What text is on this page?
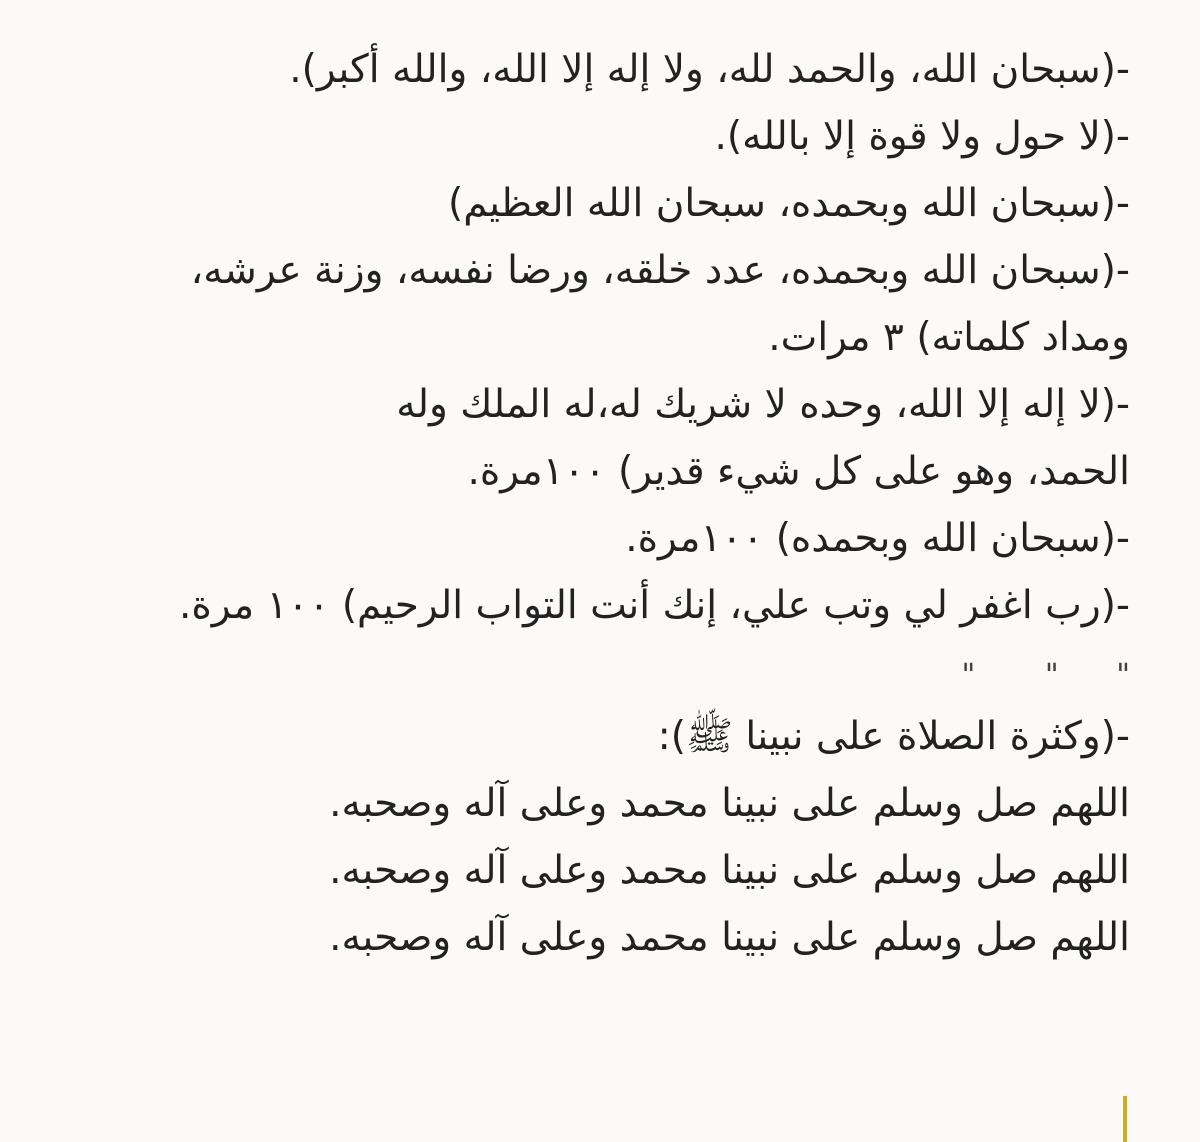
-(سبحان الله، والحمد لله، ولا إله إلا الله، والله أكبر).
-(لا حول ولا قوة إلا بالله).
-(سبحان الله وبحمده، سبحان الله العظيم)
-(سبحان الله وبحمده، عدد خلقه، ورضا نفسه، وزنة عرشه،
ومداد كلماته) ٣ مرات.
-(لا إله إلا الله، وحده لا شريك له،له الملك وله
الحمد، وهو على كل شيء قدير) ١٠٠مرة.
-(سبحان الله وبحمده) ١٠٠مرة.
-(رب اغفر لي وتب علي، إنك أنت التواب الرحيم) ١٠٠ مرة.
" " "
-(وكثرة الصلاة على نبينا ﷺ):
اللهم صل وسلم على نبينا محمد وعلى آله وصحبه.
اللهم صل وسلم على نبينا محمد وعلى آله وصحبه.
اللهم صل وسلم على نبينا محمد وعلى آله وصحبه.
